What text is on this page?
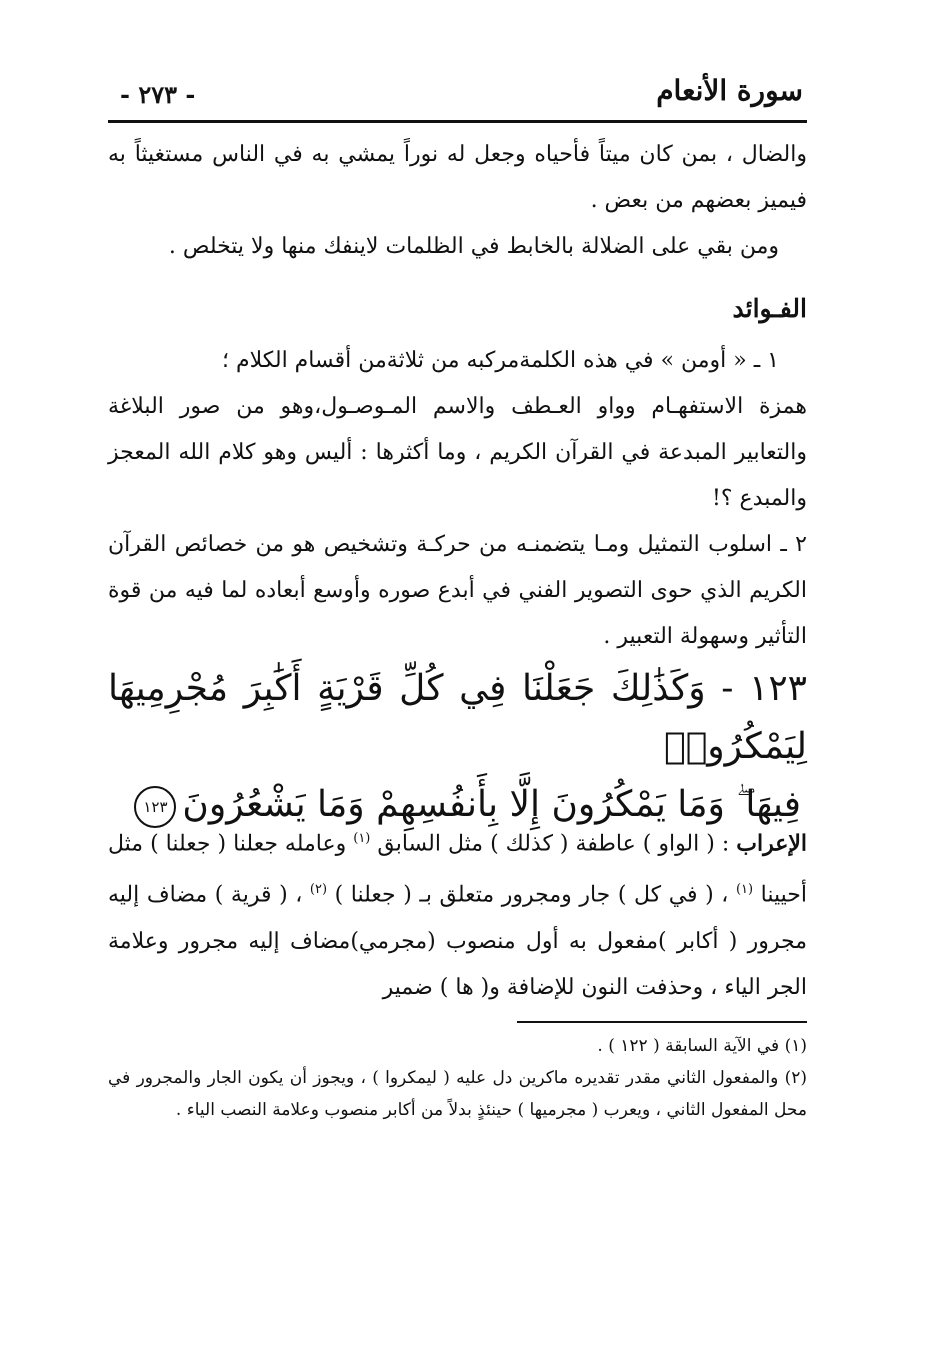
سورة الأنعام
- ٢٧٣ -

والضال ، بمن كان ميتاً فأحياه وجعل له نوراً يمشي به في الناس مستغيثاً به فيميز بعضهم من بعض .

ومن بقي على الضلالة بالخابط في الظلمات لاينفك منها ولا يتخلص .

الفـوائد

١ ـ « أومن » في هذه الكلمةمركبه من ثلاثةمن أقسام الكلام ؛

همزة الاستفهـام وواو العـطف والاسم المـوصـول،وهو من صور البلاغة والتعابير المبدعة في القرآن الكريم ، وما أكثرها : أليس وهو كلام الله المعجز والمبدع ؟!

٢ ـ اسلوب التمثيل ومـا يتضمنـه من حركـة وتشخيص هو من خصائص القرآن الكريم الذي حوى التصوير الفني في أبدع صوره وأوسع أبعاده لما فيه من قوة التأثير وسهولة التعبير .

١٢٣ - وَكَذَٰلِكَ جَعَلْنَا فِي كُلِّ قَرْيَةٍ أَكَٰبِرَ مُجْرِمِيهَا لِيَمْكُرُوا۟
فِيهَا ۖ وَمَا يَمْكُرُونَ إِلَّا بِأَنفُسِهِمْ وَمَا يَشْعُرُونَ١٢٣

الإعراب : ( الواو ) عاطفة ( كذلك ) مثل السابق $^{(١)}$ وعامله جعلنا ( جعلنا ) مثل أحيينا $^{(١)}$ ، ( في كل ) جار ومجرور متعلق بـ ( جعلنا ) $^{(٢)}$ ، ( قرية ) مضاف إليه مجرور ( أكابر )مفعول به أول منصوب (مجرمي)مضاف إليه مجرور وعلامة الجر الياء ، وحذفت النون للإضافة و( ها ) ضمير

(١) في الآية السابقة ( ١٢٢ ) .

(٢) والمفعول الثاني مقدر تقديره ماكرين دل عليه ( ليمكروا ) ، ويجوز أن يكون الجار والمجرور في محل المفعول الثاني ، ويعرب ( مجرميها ) حينئذٍ بدلاً من أكابر منصوب وعلامة النصب الياء .
